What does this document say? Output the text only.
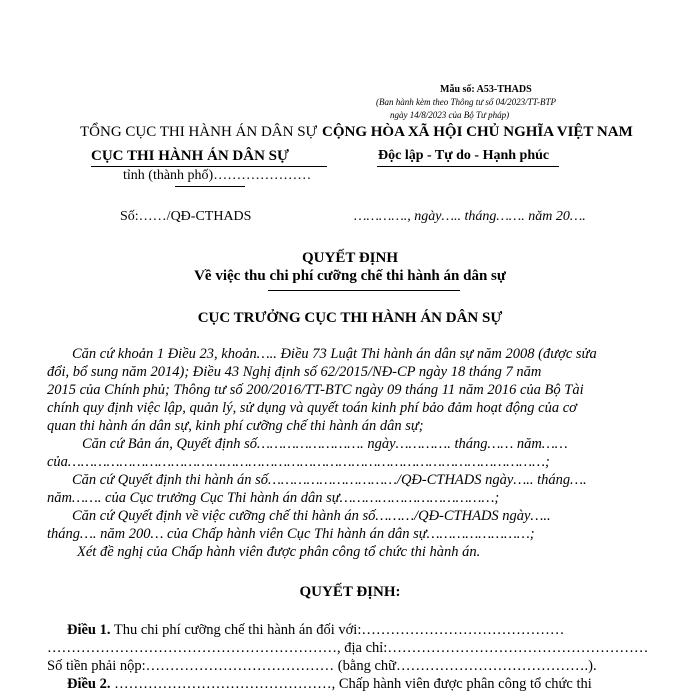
Mẫu số: A53-THADS
(Ban hành kèm theo Thông tư số 04/2023/TT-BTP
ngày 14/8/2023 của Bộ Tư pháp)
TỔNG CỤC THI HÀNH ÁN DÂN SỰ
CỤC THI HÀNH ÁN DÂN SỰ
tỉnh (thành phố)…………………
CỘNG HÒA XÃ HỘI CHỦ NGHĨA VIỆT NAM
Độc lập - Tự do - Hạnh phúc
Số:……/QĐ-CTHADS	…………., ngày….. tháng……. năm 20….
QUYẾT ĐỊNH
Về việc thu chi phí cưỡng chế thi hành án dân sự
CỤC TRƯỞNG CỤC THI HÀNH ÁN DÂN SỰ
Căn cứ khoản 1 Điều 23, khoản….. Điều 73 Luật Thi hành án dân sự năm 2008 (được sửa
đổi, bổ sung năm 2014); Điều 43 Nghị định số 62/2015/NĐ-CP ngày 18 tháng 7 năm
2015 của Chính phủ; Thông tư số 200/2016/TT-BTC ngày 09 tháng 11 năm 2016 của Bộ Tài
chính quy định việc lập, quản lý, sử dụng và quyết toán kinh phí bảo đảm hoạt động của cơ
quan thi hành án dân sự, kinh phí cưỡng chế thi hành án dân sự;
Căn cứ Bản án, Quyết định số……………………. ngày…………. tháng…… năm……
của…………………………………………………………………………………………………;
Căn cứ Quyết định thi hành án số…………………………/QĐ-CTHADS ngày….. tháng….
năm……. của Cục trưởng Cục Thi hành án dân sự………………………………;
Căn cứ Quyết định về việc cưỡng chế thi hành án số………/QĐ-CTHADS ngày…..
tháng…. năm 200… của Chấp hành viên Cục Thi hành án dân sự……………………;
Xét đề nghị của Chấp hành viên được phân công tổ chức thi hành án.
QUYẾT ĐỊNH:
Điều 1. Thu chi phí cưỡng chế thi hành án đối với:……………………………………
……………………………………………………, địa chỉ:………………………………………………
Số tiền phải nộp:………………………………… (bằng chữ………………………………….).
Điều 2. ………………………………………, Chấp hành viên được phân công tổ chức thi
